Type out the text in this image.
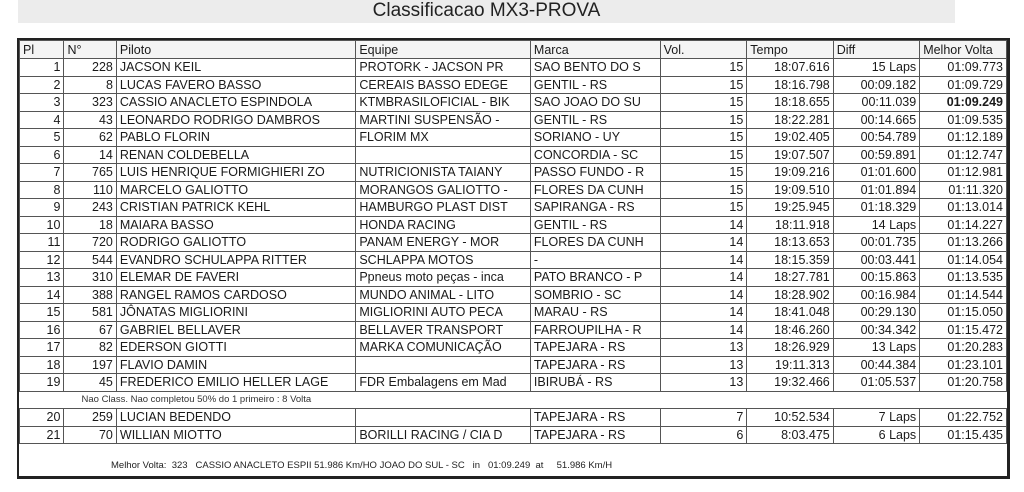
Classificacao MX3-PROVA
Pl	N°	Piloto	Equipe	Marca	Vol.	Tempo	Diff	Melhor Volta
1	228	JACSON KEIL	PROTORK - JACSON PR	SAO BENTO DO S	15	18:07.616	15 Laps	01:09.773
2	8	LUCAS FAVERO BASSO	CEREAIS BASSO EDEGE	GENTIL - RS	15	18:16.798	00:09.182	01:09.729
3	323	CASSIO ANACLETO ESPINDOLA	KTMBRASILOFICIAL - BIK	SAO JOAO DO SU	15	18:18.655	00:11.039	01:09.249
4	43	LEONARDO RODRIGO DAMBROS	MARTINI SUSPENSÃO -	GENTIL - RS	15	18:22.281	00:14.665	01:09.535
5	62	PABLO FLORIN	FLORIM MX	SORIANO - UY	15	19:02.405	00:54.789	01:12.189
6	14	RENAN COLDEBELLA		CONCORDIA - SC	15	19:07.507	00:59.891	01:12.747
7	765	LUIS HENRIQUE FORMIGHIERI ZO	NUTRICIONISTA TAIANY	PASSO FUNDO - R	15	19:09.216	01:01.600	01:12.981
8	110	MARCELO GALIOTTO	MORANGOS GALIOTTO -	FLORES DA CUNH	15	19:09.510	01:01.894	01:11.320
9	243	CRISTIAN PATRICK KEHL	HAMBURGO PLAST DIST	SAPIRANGA - RS	15	19:25.945	01:18.329	01:13.014
10	18	MAIARA BASSO	HONDA RACING	GENTIL - RS	14	18:11.918	14 Laps	01:14.227
11	720	RODRIGO GALIOTTO	PANAM ENERGY - MOR	FLORES DA CUNH	14	18:13.653	00:01.735	01:13.266
12	544	EVANDRO SCHULAPPA RITTER	SCHLAPPA MOTOS	-	14	18:15.359	00:03.441	01:14.054
13	310	ELEMAR DE FAVERI	Ppneus moto peças - inca	PATO BRANCO - P	14	18:27.781	00:15.863	01:13.535
14	388	RANGEL RAMOS CARDOSO	MUNDO ANIMAL - LITO	SOMBRIO - SC	14	18:28.902	00:16.984	01:14.544
15	581	JÔNATAS MIGLIORINI	MIGLIORINI AUTO PECA	MARAU - RS	14	18:41.048	00:29.130	01:15.050
16	67	GABRIEL BELLAVER	BELLAVER TRANSPORT	FARROUPILHA - R	14	18:46.260	00:34.342	01:15.472
17	82	EDERSON GIOTTI	MARKA COMUNICAÇÃO	TAPEJARA - RS	13	18:26.929	13 Laps	01:20.283
18	197	FLAVIO DAMIN		TAPEJARA - RS	13	19:11.313	00:44.384	01:23.101
19	45	FREDERICO EMILIO HELLER LAGE	FDR Embalagens em Mad	IBIRUBÁ - RS	13	19:32.466	01:05.537	01:20.758
Nao Class. Nao completou 50% do 1 primeiro : 8 Volta								
20	259	LUCIAN BEDENDO		TAPEJARA - RS	7	10:52.534	7 Laps	01:22.752
21	70	WILLIAN MIOTTO	BORILLI RACING / CIA D	TAPEJARA - RS	6	8:03.475	6 Laps	01:15.435
Melhor Volta:  323   CASSIO ANACLETO ESPIΙ 51.986 Km/HO JOAO DO SUL - SC   in   01:09.249  at     51.986 Km/H
